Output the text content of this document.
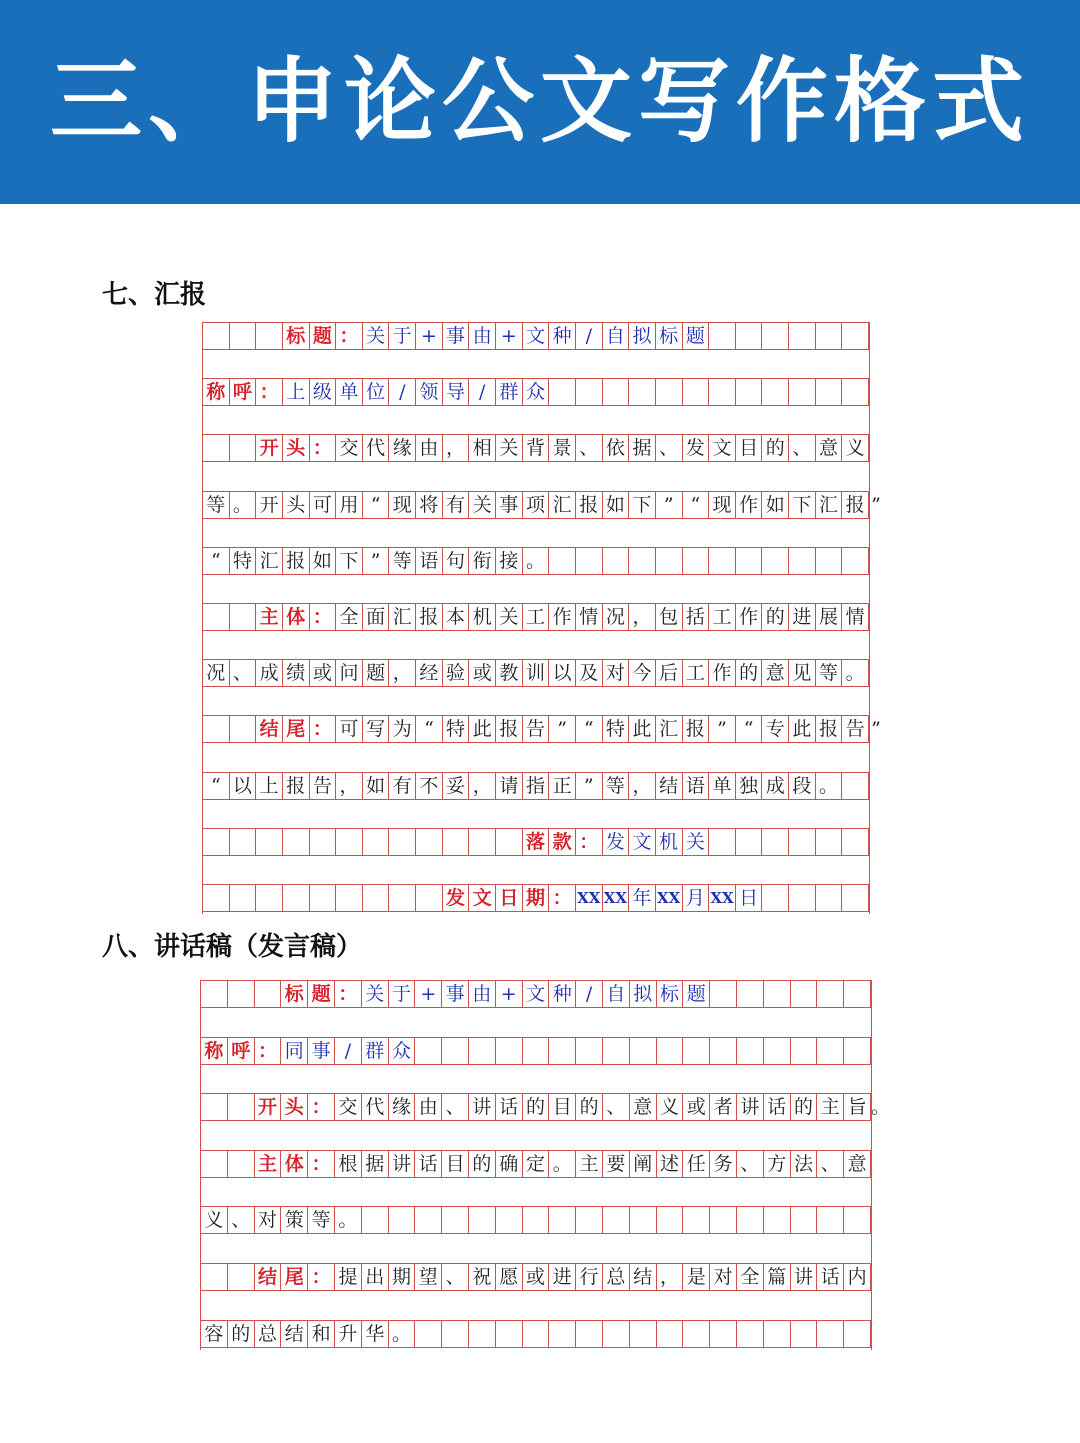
三、申论公文写作格式
七、汇报
标 题 ： 关 于 + 事 由 + 文 种 / 自 拟 标 题
称 呼 ： 上 级 单 位 / 领 导 / 群 众
开 头 ： 交 代 缘 由 ， 相 关 背 景 、 依 据 、 发 文 目 的 、 意 义
等 。 开 头 可 用 “ 现 将 有 关 事 项 汇 报 如 下 ” “ 现 作 如 下 汇 报 ”
“ 特 汇 报 如 下 ” 等 语 句 衔 接 。
主 体 ： 全 面 汇 报 本 机 关 工 作 情 况 ， 包 括 工 作 的 进 展 情
况 、 成 绩 或 问 题 ， 经 验 或 教 训 以 及 对 今 后 工 作 的 意 见 等 。
结 尾 ： 可 写 为 “ 特 此 报 告 ” “ 特 此 汇 报 ” “ 专 此 报 告 ”
“ 以 上 报 告 ， 如 有 不 妥 ， 请 指 正 ” 等 ， 结 语 单 独 成 段 。
落 款 ： 发 文 机 关
发 文 日 期 ： XX XX 年 XX 月 XX 日
八、讲话稿（发言稿）
标 题 ： 关 于 + 事 由 + 文 种 / 自 拟 标 题
称 呼 ： 同 事 / 群 众
开 头 ： 交 代 缘 由 、 讲 话 的 目 的 、 意 义 或 者 讲 话 的 主 旨 。
主 体 ： 根 据 讲 话 目 的 确 定 。 主 要 阐 述 任 务 、 方 法 、 意
义 、 对 策 等 。
结 尾 ： 提 出 期 望 、 祝 愿 或 进 行 总 结 ， 是 对 全 篇 讲 话 内
容 的 总 结 和 升 华 。
